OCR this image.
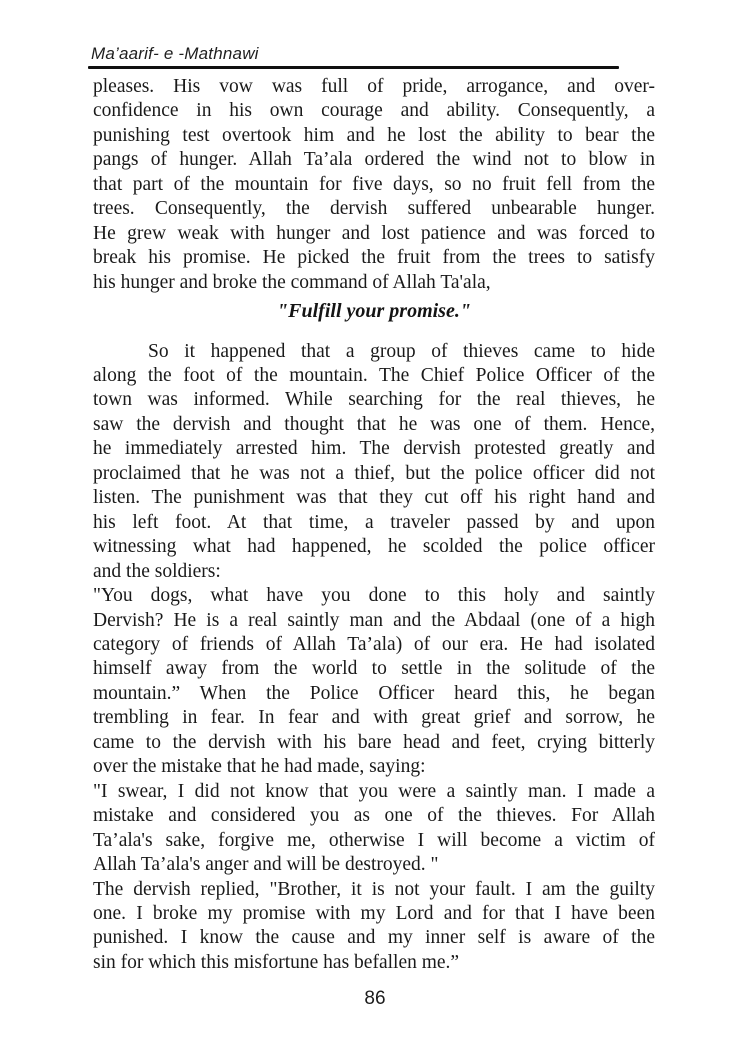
Ma’aarif- e -Mathnawi

pleases. His vow was full of pride, arrogance, and over-
confidence in his own courage and ability. Consequently, a
punishing test overtook him and he lost the ability to bear the
pangs of hunger. Allah Ta’ala ordered the wind not to blow in
that part of the mountain for five days, so no fruit fell from the
trees. Consequently, the dervish suffered unbearable hunger.
He grew weak with hunger and lost patience and was forced to
break his promise. He picked the fruit from the trees to satisfy
his hunger and broke the command of Allah Ta'ala,

"Fulfill your promise."

So it happened that a group of thieves came to hide
along the foot of the mountain. The Chief Police Officer of the
town was informed. While searching for the real thieves, he
saw the dervish and thought that he was one of them. Hence,
he immediately arrested him. The dervish protested greatly and
proclaimed that he was not a thief, but the police officer did not
listen. The punishment was that they cut off his right hand and
his left foot. At that time, a traveler passed by and upon
witnessing what had happened, he scolded the police officer
and the soldiers:

"You dogs, what have you done to this holy and saintly
Dervish? He is a real saintly man and the Abdaal (one of a high
category of friends of Allah Ta’ala) of our era. He had isolated
himself away from the world to settle in the solitude of the
mountain.” When the Police Officer heard this, he began
trembling in fear. In fear and with great grief and sorrow, he
came to the dervish with his bare head and feet, crying bitterly
over the mistake that he had made, saying:

"I swear, I did not know that you were a saintly man. I made a
mistake and considered you as one of the thieves. For Allah
Ta’ala's sake, forgive me, otherwise I will become a victim of
Allah Ta’ala's anger and will be destroyed. "

The dervish replied, "Brother, it is not your fault. I am the guilty
one. I broke my promise with my Lord and for that I have been
punished. I know the cause and my inner self is aware of the
sin for which this misfortune has befallen me.”

86
